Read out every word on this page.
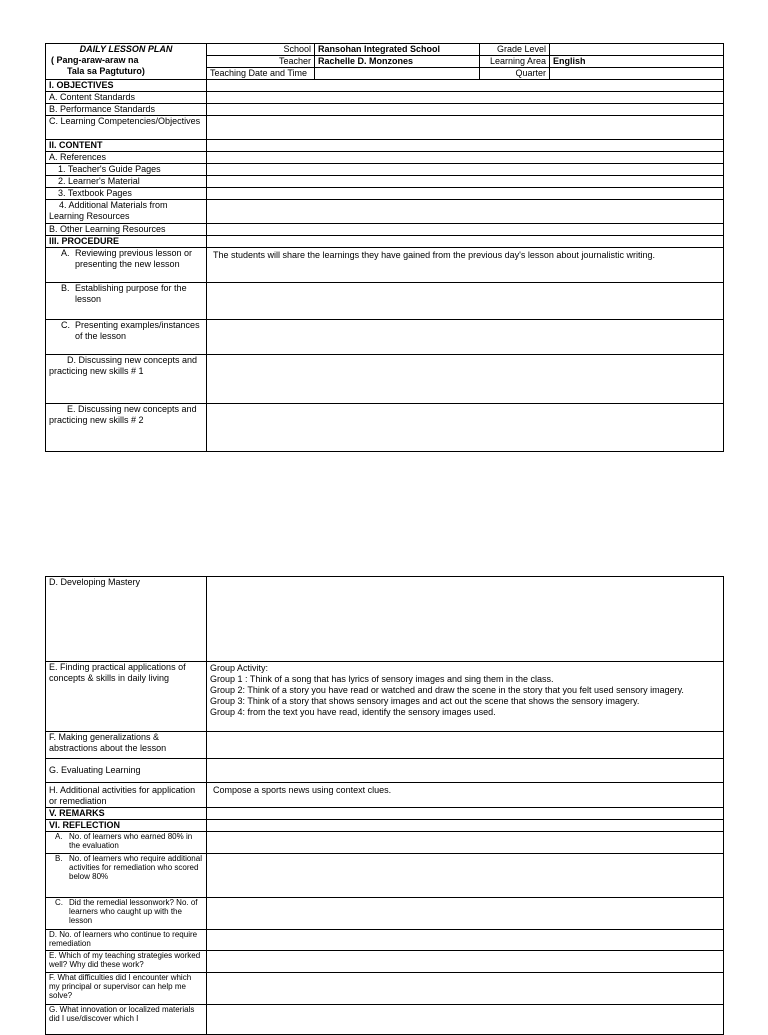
DAILY LESSON PLAN
( Pang-araw-araw na
Tala sa Pagtuturo)	School	Ransohan Integrated School	Grade Level	
	Teacher	Rachelle D. Monzones	Learning Area	English
	Teaching Date and Time		Quarter	
I. OBJECTIVES				
A. Content Standards				
B. Performance Standards				
C. Learning Competencies/Objectives				
II. CONTENT				
A. References				
1. Teacher's Guide Pages				
2. Learner's Material				
3. Textbook Pages				
4. Additional Materials from Learning Resources				
B. Other Learning Resources				
III. PROCEDURE				

A. Reviewing previous lesson or presenting the new lesson	The students will share the learnings they have gained from the previous day's lesson about journalistic writing.			

B. Establishing purpose for the lesson				

C. Presenting examples/instances of the lesson				

D. Discussing new concepts and practicing new skills # 1				
E. Discussing new concepts and practicing new skills # 2				
D. Developing Mastery	
E. Finding practical applications of concepts & skills in daily living	Group Activity:
Group 1 : Think of a song that has lyrics of sensory images and sing them in the class.
Group 2: Think of a story you have read or watched and draw the scene in the story that you felt used sensory imagery.
Group 3: Think of a story that shows sensory images and act out the scene that shows the sensory imagery.
Group 4: from the text you have read, identify the sensory images used.

F. Making generalizations & abstractions about the lesson	
G. Evaluating Learning	
H. Additional activities for application or remediation	Compose a sports news using context clues.
V. REMARKS	
VI. REFLECTION	

A. No. of learners who earned 80% in the evaluation	

B. No. of learners who require additional activities for remediation who scored below 80%	

C. Did the remedial lessonwork? No. of learners who caught up with the lesson	

D. No. of learners who continue to require remediation	
E. Which of my teaching strategies worked well? Why did these work?	
F. What difficulties did I encounter which my principal or supervisor can help me solve?	
G. What innovation or localized materials did I use/discover which I	
